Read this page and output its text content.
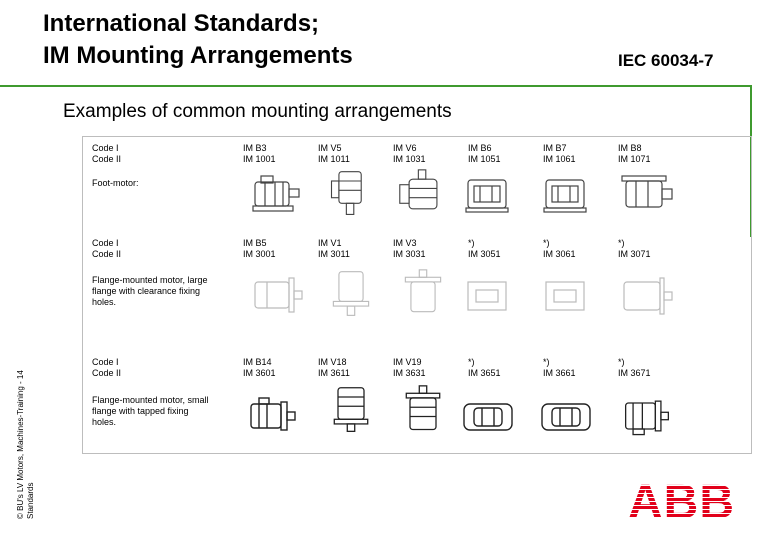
International Standards;
IM Mounting Arrangements	IEC 60034-7
Examples of common mounting arrangements
Code I
Code II
Foot-motor:
IM B3
IM 1001
IM V5
IM 1011
IM V6
IM 1031
IM B6
IM 1051
IM B7
IM 1061
IM B8
IM 1071
Code I
Code II
Flange-mounted motor, large flange with clearance fixing holes.
IM B5
IM 3001
IM V1
IM 3011
IM V3
IM 3031
*)
IM 3051
*)
IM 3061
*)
IM 3071
Code I
Code II
Flange-mounted motor, small flange with tapped fixing holes.
IM B14
IM 3601
IM V18
IM 3611
IM V19
IM 3631
*)
IM 3651
*)
IM 3661
*)
IM 3671
© BU's LV Motors, Machines-Training - 14 Standards	ABB
